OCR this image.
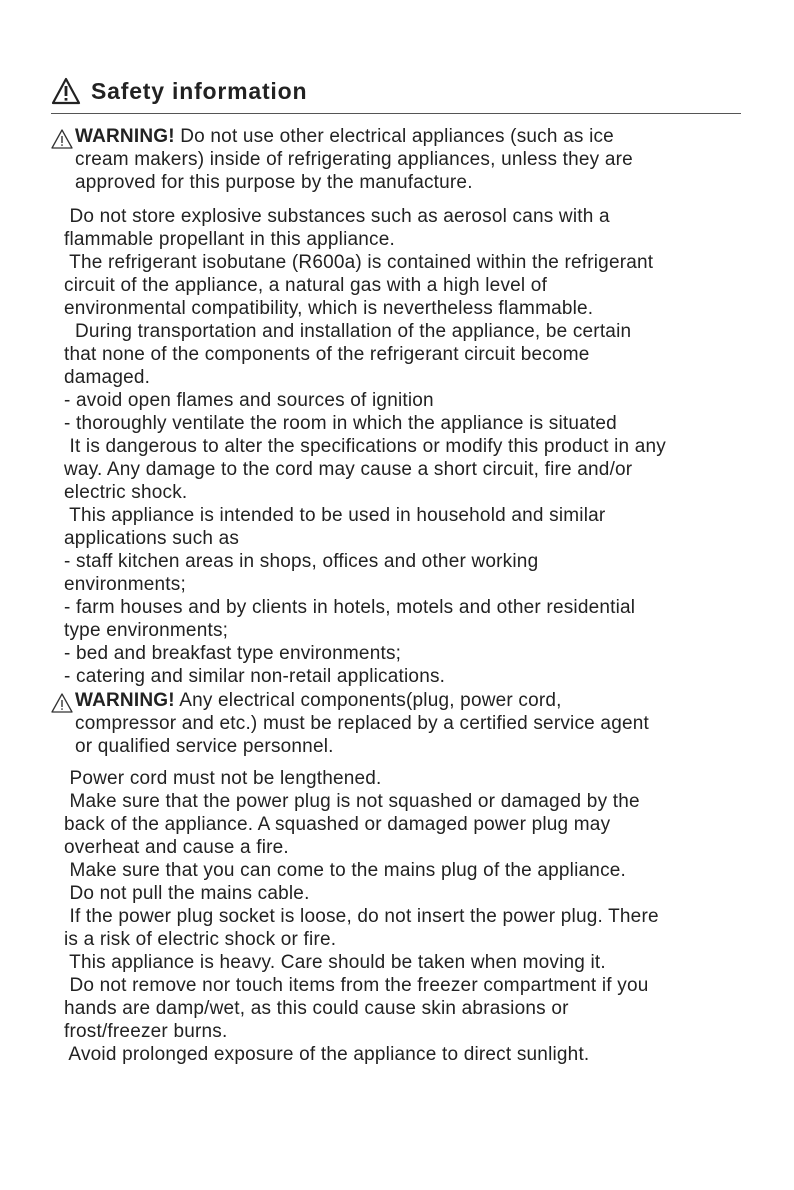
Safety information
WARNING! Do not use other electrical appliances (such as ice
cream makers) inside of refrigerating appliances, unless they are
approved for this purpose by the manufacture.
Do not store explosive substances such as aerosol cans with a
flammable propellant in this appliance.
The refrigerant isobutane (R600a) is contained within the refrigerant
circuit of the appliance, a natural gas with a high level of
environmental compatibility, which is nevertheless flammable.
During transportation and installation of the appliance, be certain
that none of the components of the refrigerant circuit become
damaged.
- avoid open flames and sources of ignition
- thoroughly ventilate the room in which the appliance is situated
It is dangerous to alter the specifications or modify this product in any
way. Any damage to the cord may cause a short circuit, fire and/or
electric shock.
This appliance is intended to be used in household and similar
applications such as
- staff kitchen areas in shops, offices and other working
environments;
- farm houses and by clients in hotels, motels and other residential
type environments;
- bed and breakfast type environments;
- catering and similar non-retail applications.
WARNING! Any electrical components(plug, power cord,
compressor and etc.) must be replaced by a certified service agent
or qualified service personnel.
Power cord must not be lengthened.
Make sure that the power plug is not squashed or damaged by the
back of the appliance. A squashed or damaged power plug may
overheat and cause a fire.
Make sure that you can come to the mains plug of the appliance.
Do not pull the mains cable.
If the power plug socket is loose, do not insert the power plug. There
is a risk of electric shock or fire.
This appliance is heavy. Care should be taken when moving it.
Do not remove nor touch items from the freezer compartment if you
hands are damp/wet, as this could cause skin abrasions or
frost/freezer burns.
Avoid prolonged exposure of the appliance to direct sunlight.
